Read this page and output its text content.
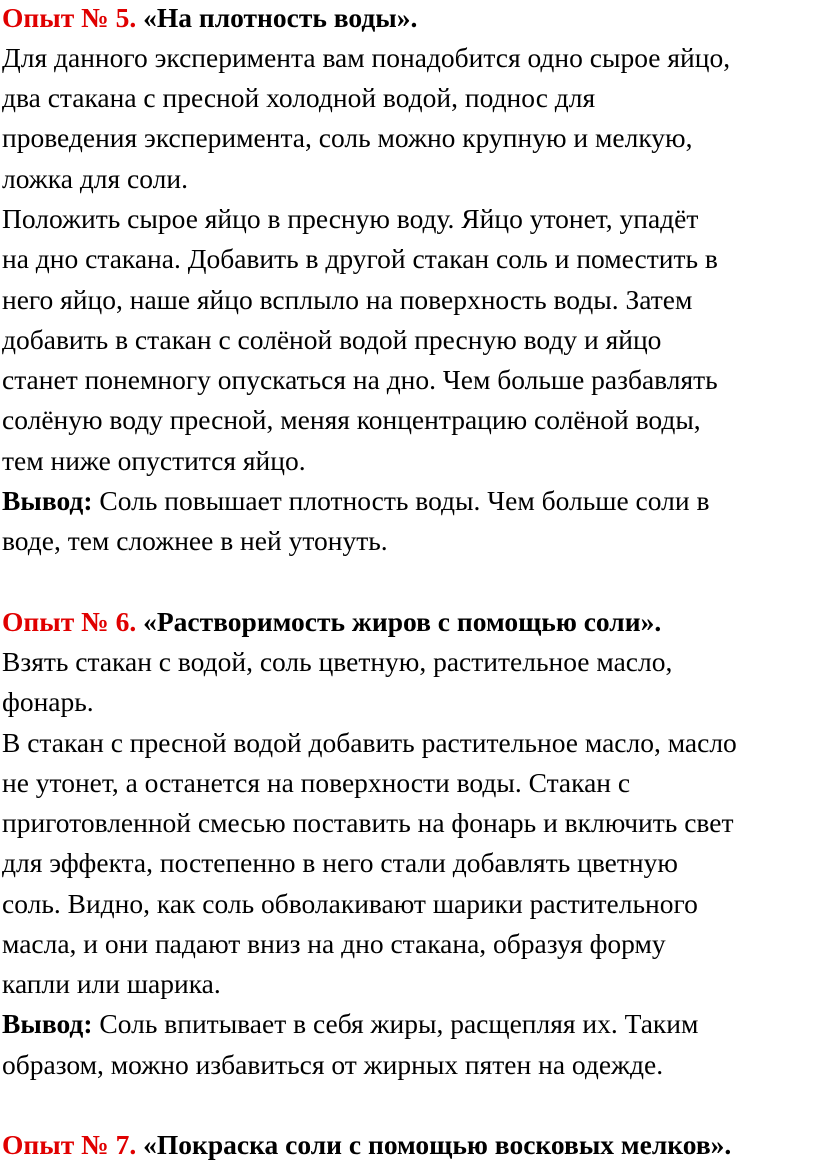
Опыт № 5. «На плотность воды».
Для данного эксперимента вам понадобится одно сырое яйцо,
два стакана с пресной холодной водой, поднос для
проведения эксперимента, соль можно крупную и мелкую,
ложка для соли.
Положить сырое яйцо в пресную воду. Яйцо утонет, упадёт
на дно стакана. Добавить в другой стакан соль и поместить в
него яйцо, наше яйцо всплыло на поверхность воды. Затем
добавить в стакан с солёной водой пресную воду и яйцо
станет понемногу опускаться на дно. Чем больше разбавлять
солёную воду пресной, меняя концентрацию солёной воды,
тем ниже опустится яйцо.
Вывод: Соль повышает плотность воды. Чем больше соли в
воде, тем сложнее в ней утонуть.
Опыт № 6. «Растворимость жиров с помощью соли».
Взять стакан с водой, соль цветную, растительное масло,
фонарь.
В стакан с пресной водой добавить растительное масло, масло
не утонет, а останется на поверхности воды. Стакан с
приготовленной смесью поставить на фонарь и включить свет
для эффекта, постепенно в него стали добавлять цветную
соль. Видно, как соль обволакивают шарики растительного
масла, и они падают вниз на дно стакана, образуя форму
капли или шарика.
Вывод: Соль впитывает в себя жиры, расщепляя их. Таким
образом, можно избавиться от жирных пятен на одежде.
Опыт № 7. «Покраска соли с помощью восковых мелков».
